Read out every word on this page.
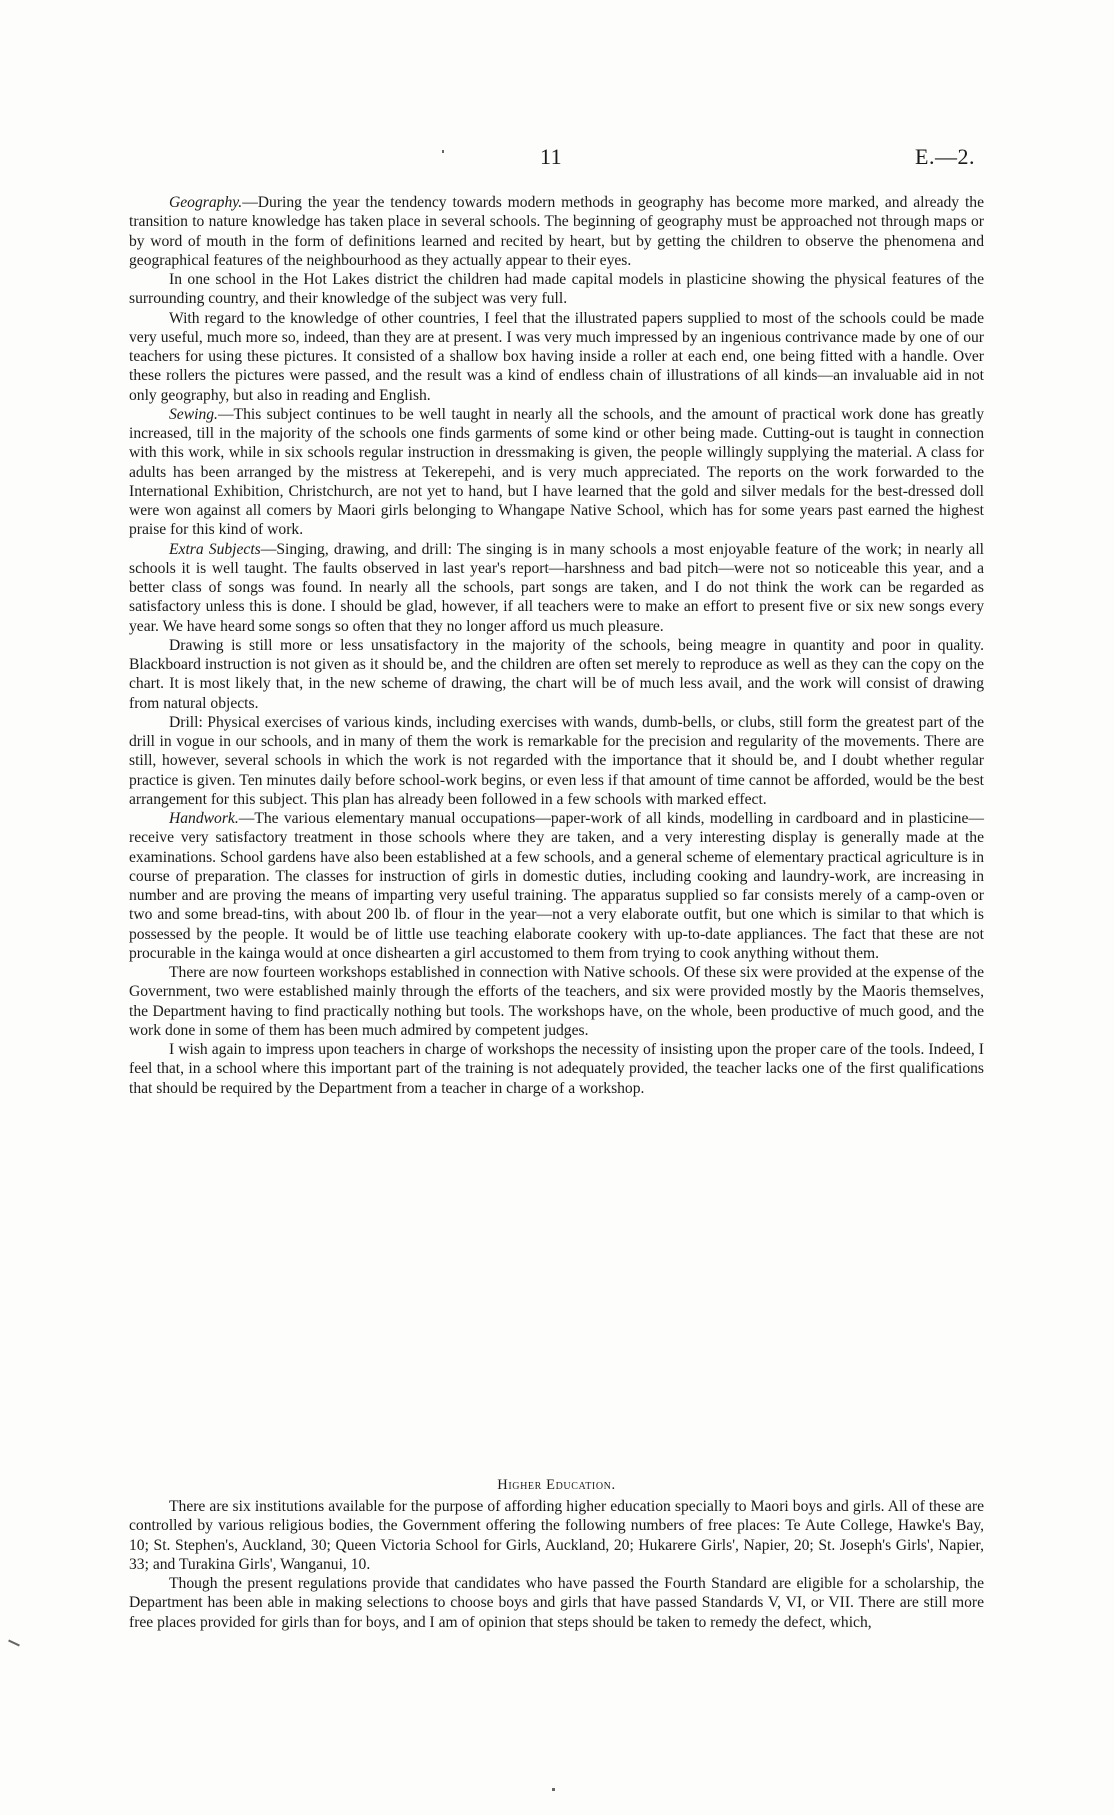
11	E.—2.

Geography.—During the year the tendency towards modern methods in geography has become more marked, and already the transition to nature knowledge has taken place in several schools. The beginning of geography must be approached not through maps or by word of mouth in the form of definitions learned and recited by heart, but by getting the children to observe the phenomena and geographical features of the neighbourhood as they actually appear to their eyes.

In one school in the Hot Lakes district the children had made capital models in plasticine showing the physical features of the surrounding country, and their knowledge of the subject was very full.

With regard to the knowledge of other countries, I feel that the illustrated papers supplied to most of the schools could be made very useful, much more so, indeed, than they are at present. I was very much impressed by an ingenious contrivance made by one of our teachers for using these pictures. It consisted of a shallow box having inside a roller at each end, one being fitted with a handle. Over these rollers the pictures were passed, and the result was a kind of endless chain of illustrations of all kinds—an invaluable aid in not only geography, but also in reading and English.

Sewing.—This subject continues to be well taught in nearly all the schools, and the amount of practical work done has greatly increased, till in the majority of the schools one finds garments of some kind or other being made. Cutting-out is taught in connection with this work, while in six schools regular instruction in dressmaking is given, the people willingly supplying the material. A class for adults has been arranged by the mistress at Tekerepehi, and is very much appreciated. The reports on the work forwarded to the International Exhibition, Christchurch, are not yet to hand, but I have learned that the gold and silver medals for the best-dressed doll were won against all comers by Maori girls belonging to Whangape Native School, which has for some years past earned the highest praise for this kind of work.

Extra Subjects—Singing, drawing, and drill: The singing is in many schools a most enjoyable feature of the work; in nearly all schools it is well taught. The faults observed in last year's report—harshness and bad pitch—were not so noticeable this year, and a better class of songs was found. In nearly all the schools, part songs are taken, and I do not think the work can be regarded as satisfactory unless this is done. I should be glad, however, if all teachers were to make an effort to present five or six new songs every year. We have heard some songs so often that they no longer afford us much pleasure.

Drawing is still more or less unsatisfactory in the majority of the schools, being meagre in quantity and poor in quality. Blackboard instruction is not given as it should be, and the children are often set merely to reproduce as well as they can the copy on the chart. It is most likely that, in the new scheme of drawing, the chart will be of much less avail, and the work will consist of drawing from natural objects.

Drill: Physical exercises of various kinds, including exercises with wands, dumb-bells, or clubs, still form the greatest part of the drill in vogue in our schools, and in many of them the work is remarkable for the precision and regularity of the movements. There are still, however, several schools in which the work is not regarded with the importance that it should be, and I doubt whether regular practice is given. Ten minutes daily before school-work begins, or even less if that amount of time cannot be afforded, would be the best arrangement for this subject. This plan has already been followed in a few schools with marked effect.

Handwork.—The various elementary manual occupations—paper-work of all kinds, modelling in cardboard and in plasticine—receive very satisfactory treatment in those schools where they are taken, and a very interesting display is generally made at the examinations. School gardens have also been established at a few schools, and a general scheme of elementary practical agriculture is in course of preparation. The classes for instruction of girls in domestic duties, including cooking and laundry-work, are increasing in number and are proving the means of imparting very useful training. The apparatus supplied so far consists merely of a camp-oven or two and some bread-tins, with about 200 lb. of flour in the year—not a very elaborate outfit, but one which is similar to that which is possessed by the people. It would be of little use teaching elaborate cookery with up-to-date appliances. The fact that these are not procurable in the kainga would at once dishearten a girl accustomed to them from trying to cook anything without them.

There are now fourteen workshops established in connection with Native schools. Of these six were provided at the expense of the Government, two were established mainly through the efforts of the teachers, and six were provided mostly by the Maoris themselves, the Department having to find practically nothing but tools. The workshops have, on the whole, been productive of much good, and the work done in some of them has been much admired by competent judges.

I wish again to impress upon teachers in charge of workshops the necessity of insisting upon the proper care of the tools. Indeed, I feel that, in a school where this important part of the training is not adequately provided, the teacher lacks one of the first qualifications that should be required by the Department from a teacher in charge of a workshop.

Higher Education.

There are six institutions available for the purpose of affording higher education specially to Maori boys and girls. All of these are controlled by various religious bodies, the Government offering the following numbers of free places: Te Aute College, Hawke's Bay, 10; St. Stephen's, Auckland, 30; Queen Victoria School for Girls, Auckland, 20; Hukarere Girls', Napier, 20; St. Joseph's Girls', Napier, 33; and Turakina Girls', Wanganui, 10.

Though the present regulations provide that candidates who have passed the Fourth Standard are eligible for a scholarship, the Department has been able in making selections to choose boys and girls that have passed Standards V, VI, or VII. There are still more free places provided for girls than for boys, and I am of opinion that steps should be taken to remedy the defect, which,
